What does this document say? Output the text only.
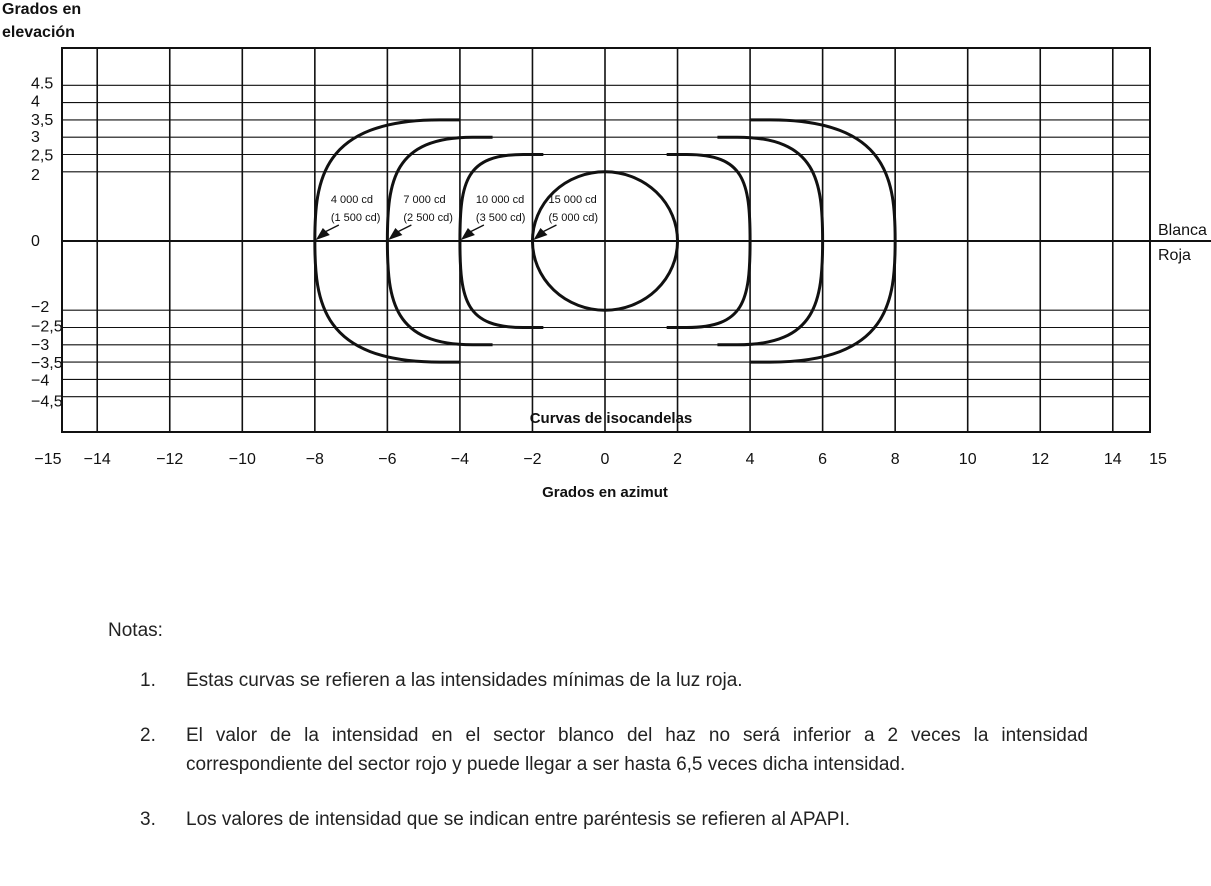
Grados en
elevación
4.5
4
3,5
3
2,5
2
0
−2
−2,5
−3
−3,5
−4
−4,5
−15 −14	−12	−10	−8	−6	−4	−2	0	2	4	6	8	10	12	14 15
4 000 cd
(1 500 cd)
7 000 cd
(2 500 cd)
10 000 cd
(3 500 cd)
15 000 cd
(5 000 cd)
Curvas de isocandelas
Grados en azimut
Blanca
Roja
Notas:
1.	Estas curvas se refieren a las intensidades mínimas de la luz roja.
2.	El valor de la intensidad en el sector blanco del haz no será inferior a 2 veces la intensidad correspondiente del sector rojo y puede llegar a ser hasta 6,5 veces dicha intensidad.
3.	Los valores de intensidad que se indican entre paréntesis se refieren al APAPI.
